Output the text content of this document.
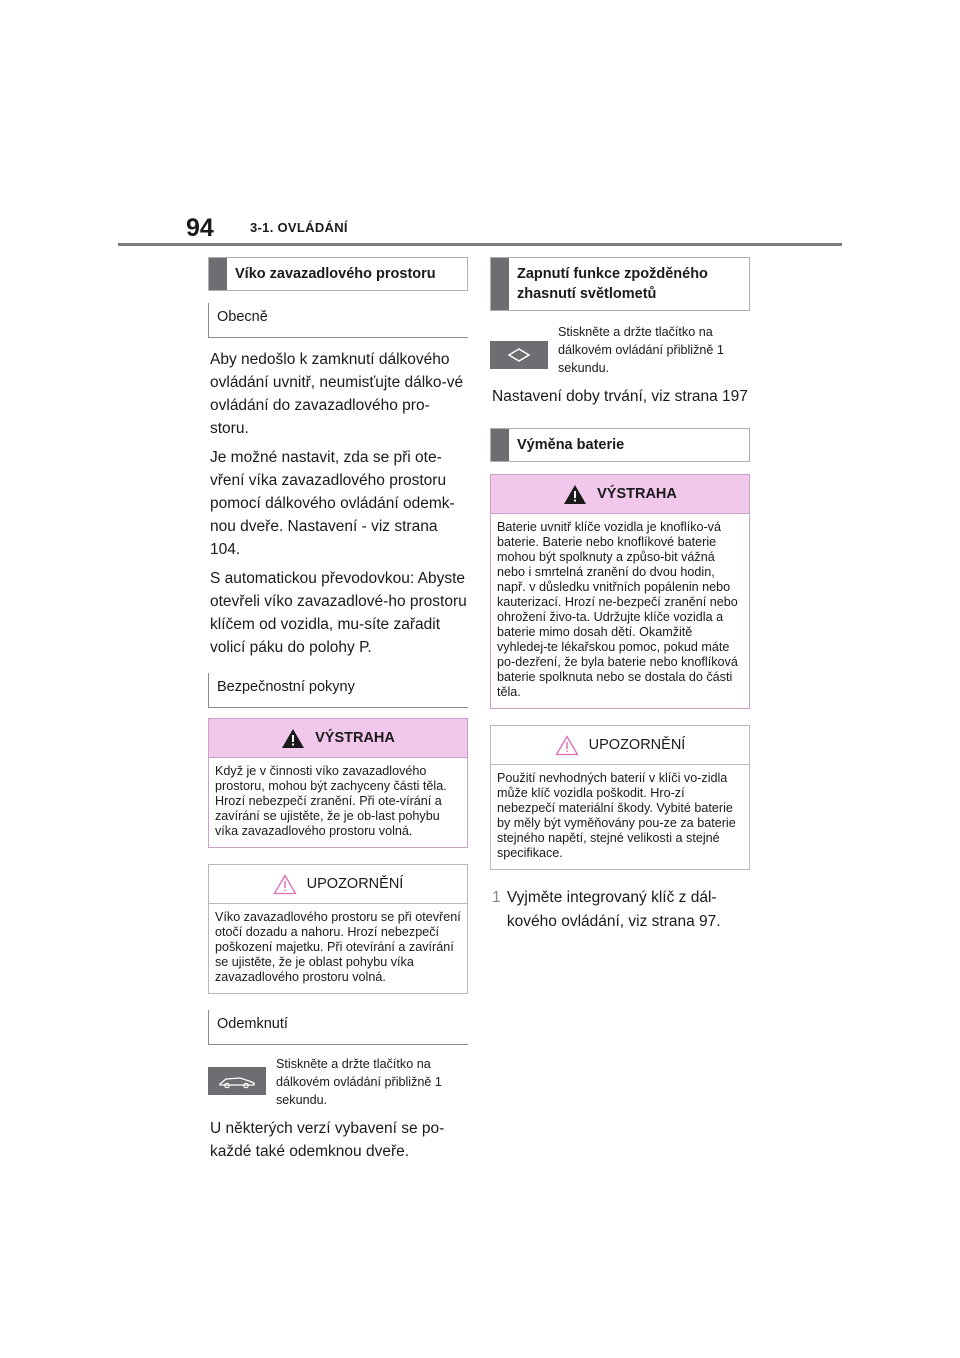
94	3-1. OVLÁDÁNÍ
Víko zavazadlového prostoru
Obecně

Aby nedošlo k zamknutí dálkového ovládání uvnitř, neumisťujte dálko-vé ovládání do zavazadlového pro-storu.

Je možné nastavit, zda se při ote-vření víka zavazadlového prostoru pomocí dálkového ovládání odemk-nou dveře. Nastavení - viz strana 104.

S automatickou převodovkou: Abyste otevřeli víko zavazadlové-ho prostoru klíčem od vozidla, mu-síte zařadit volicí páku do polohy P.

Bezpečnostní pokyny
VÝSTRAHA
Když je v činnosti víko zavazadlového prostoru, mohou být zachyceny části těla. Hrozí nebezpečí zranění. Při ote-vírání a zavírání se ujistěte, že je ob-last pohybu víka zavazadlového prostoru volná.
UPOZORNĚNÍ
Víko zavazadlového prostoru se při otevření otočí dozadu a nahoru. Hrozí nebezpečí poškození majetku. Při otevírání a zavírání se ujistěte, že je oblast pohybu víka zavazadlového prostoru volná.
Odemknutí
Stiskněte a držte tlačítko na dálkovém ovládání přibližně 1 sekundu.

U některých verzí vybavení se po-každé také odemknou dveře.

Zapnutí funkce zpožděného zhasnutí světlometů
Stiskněte a držte tlačítko na dálkovém ovládání přibližně 1 sekundu.

Nastavení doby trvání, viz strana 197

Výměna baterie
VÝSTRAHA
Baterie uvnitř klíče vozidla je knoflíko-vá baterie. Baterie nebo knoflíkové baterie mohou být spolknuty a způso-bit vážná nebo i smrtelná zranění do dvou hodin, např. v důsledku vnitřních popálenin nebo kauterizací. Hrozí ne-bezpečí zranění nebo ohrožení živo-ta. Udržujte klíče vozidla a baterie mimo dosah dětí. Okamžitě vyhledej-te lékařskou pomoc, pokud máte po-dezření, že byla baterie nebo knoflíková baterie spolknuta nebo se dostala do části těla.
UPOZORNĚNÍ
Použití nevhodných baterií v klíči vo-zidla může klíč vozidla poškodit. Hro-zí nebezpečí materiální škody. Vybité baterie by měly být vyměňovány pou-ze za baterie stejného napětí, stejné velikosti a stejné specifikace.
1 Vyjměte integrovaný klíč z dál-kového ovládání, viz strana 97.
